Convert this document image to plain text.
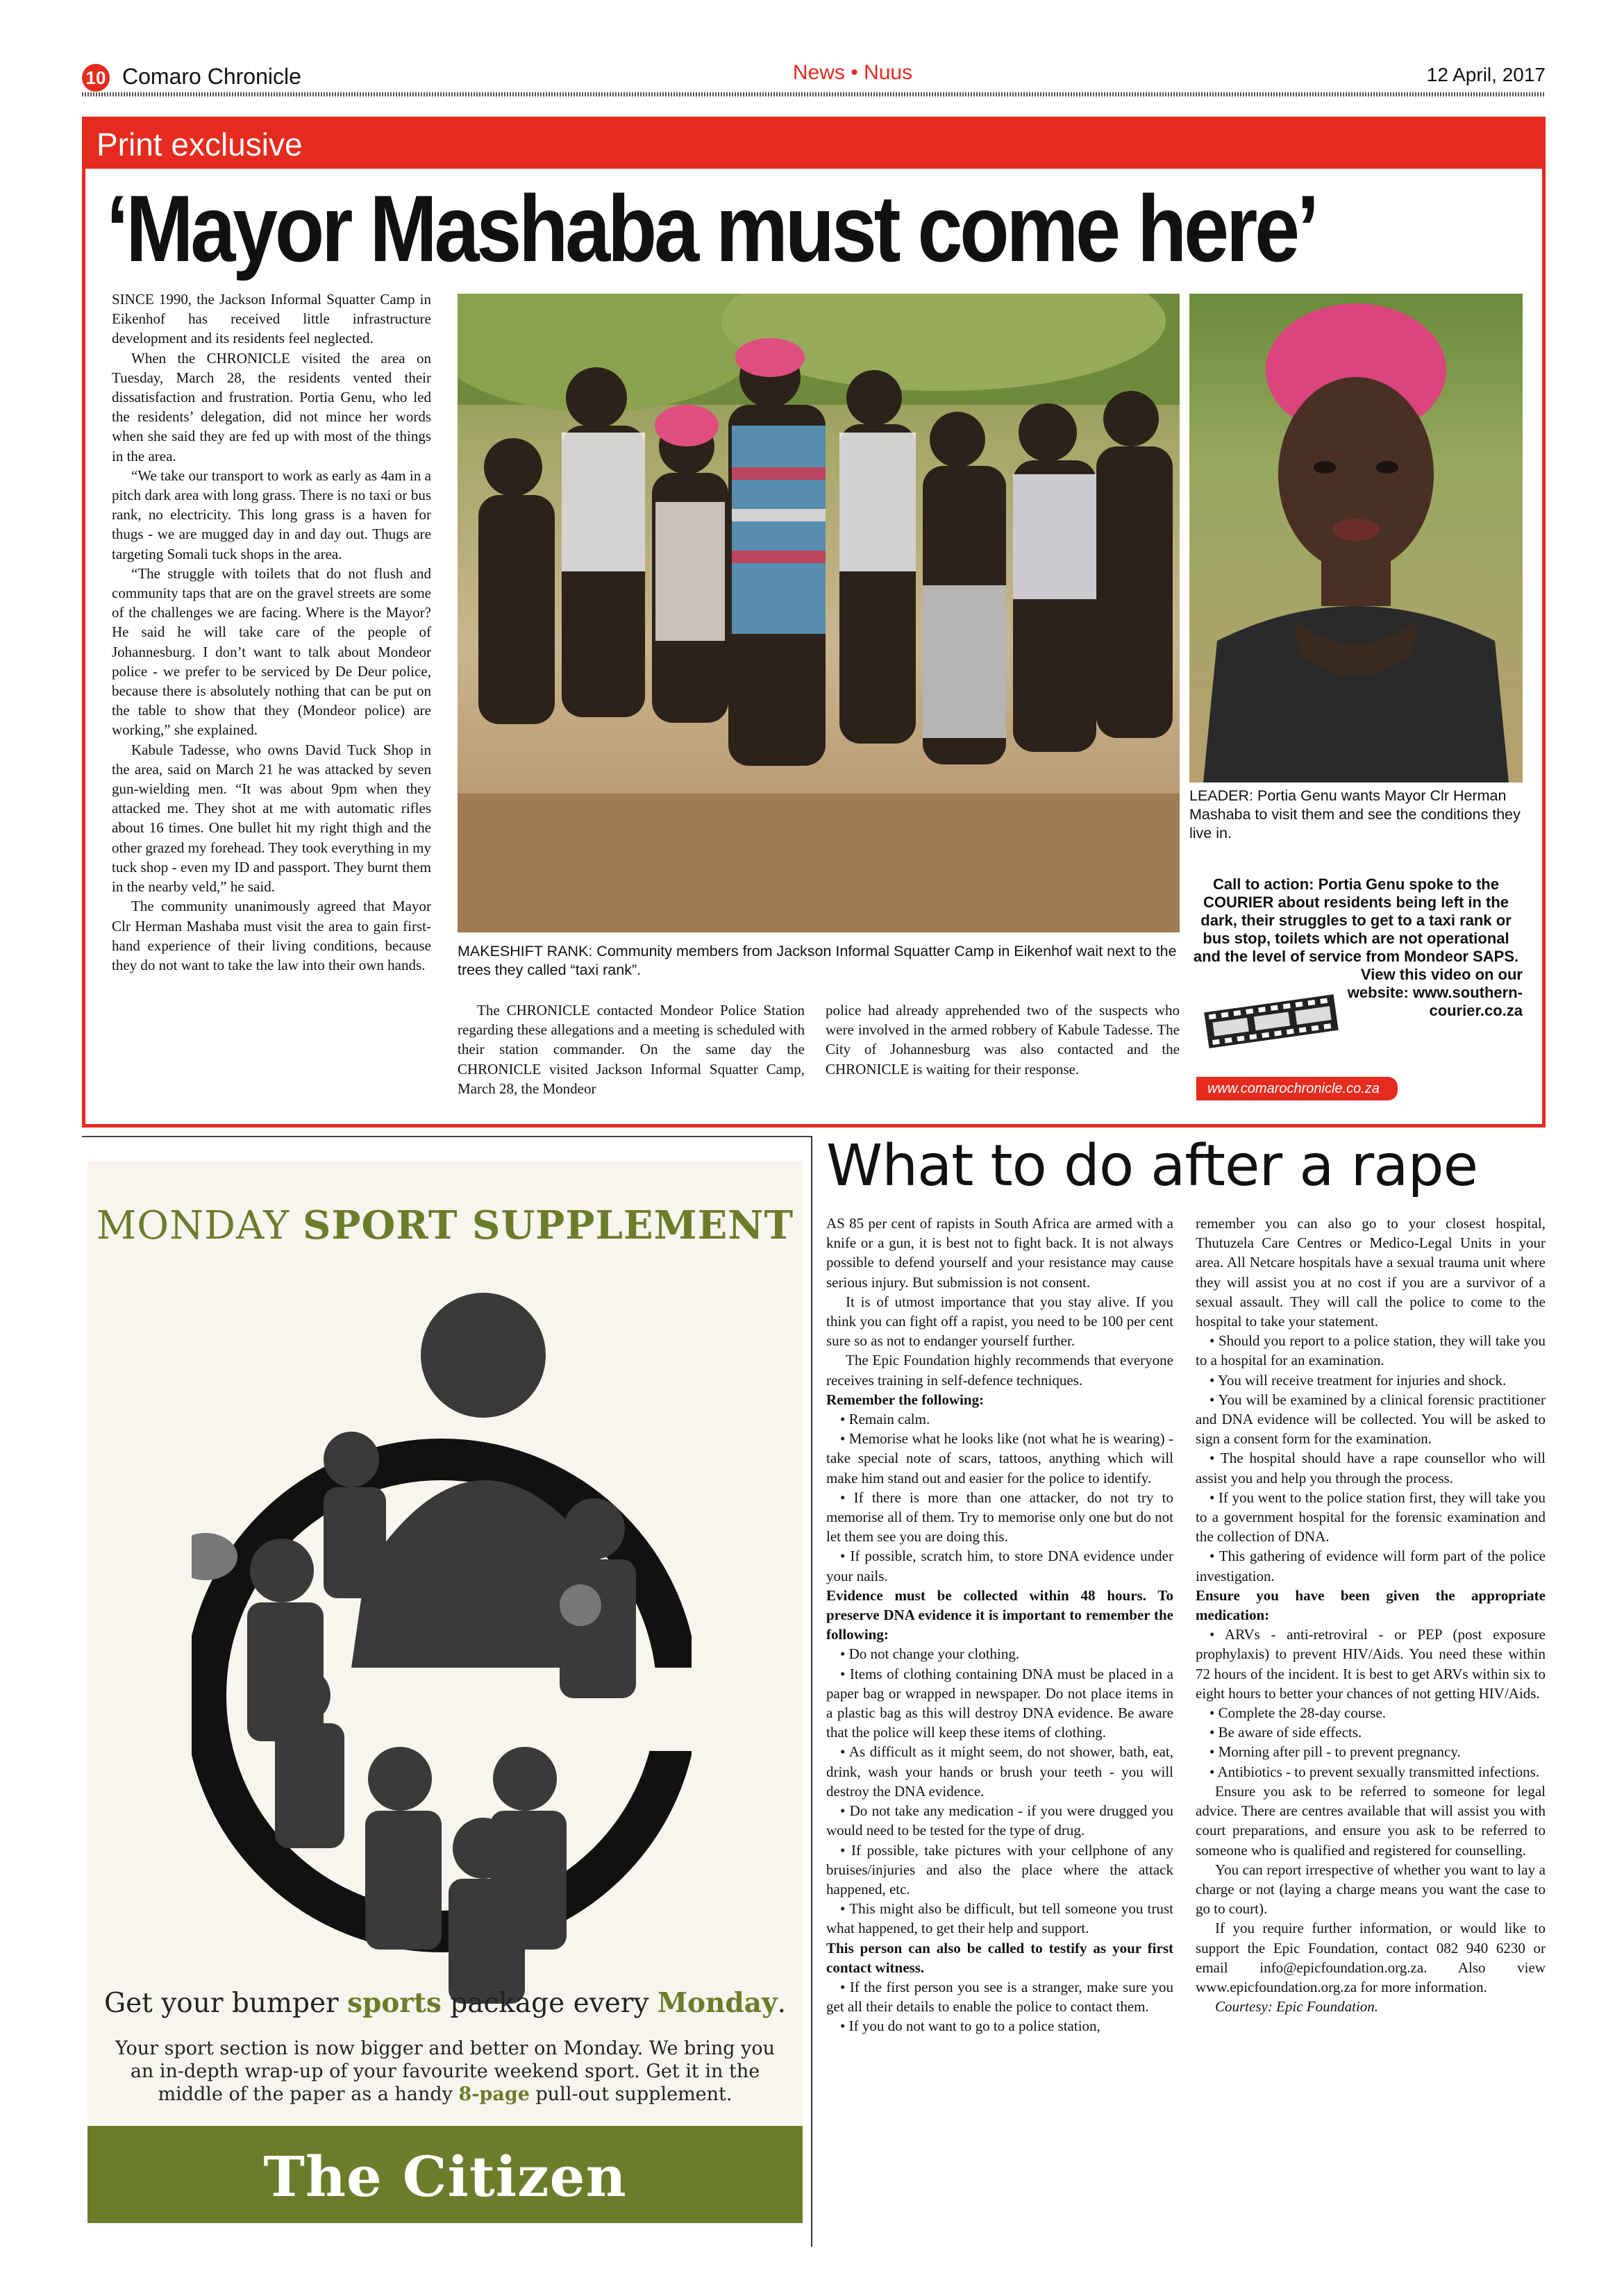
10 Comaro Chronicle	News • Nuus	12 April, 2017
Print exclusive
‘Mayor Mashaba must come here’

SINCE 1990, the Jackson Informal Squatter Camp in Eikenhof has received little infrastructure development and its residents feel neglected.

When the CHRONICLE visited the area on Tuesday, March 28, the residents vented their dissatisfaction and frustration. Portia Genu, who led the residents’ delegation, did not mince her words when she said they are fed up with most of the things in the area.

“We take our transport to work as early as 4am in a pitch dark area with long grass. There is no taxi or bus rank, no electricity. This long grass is a haven for thugs - we are mugged day in and day out. Thugs are targeting Somali tuck shops in the area.

“The struggle with toilets that do not flush and community taps that are on the gravel streets are some of the challenges we are facing. Where is the Mayor? He said he will take care of the people of Johannesburg. I don’t want to talk about Mondeor police - we prefer to be serviced by De Deur police, because there is absolutely nothing that can be put on the table to show that they (Mondeor police) are working,” she explained.

Kabule Tadesse, who owns David Tuck Shop in the area, said on March 21 he was attacked by seven gun-wielding men. “It was about 9pm when they attacked me. They shot at me with automatic rifles about 16 times. One bullet hit my right thigh and the other grazed my forehead. They took everything in my tuck shop - even my ID and passport. They burnt them in the nearby veld,” he said.

The community unanimously agreed that Mayor Clr Herman Mashaba must visit the area to gain first-hand experience of their living conditions, because they do not want to take the law into their own hands.

MAKESHIFT RANK: Community members from Jackson Informal Squatter Camp in Eikenhof wait next to the trees they called “taxi rank”.
LEADER: Portia Genu wants Mayor Clr Herman Mashaba to visit them and see the conditions they live in.

The CHRONICLE contacted Mondeor Police Station regarding these allegations and a meeting is scheduled with their station commander. On the same day the CHRONICLE visited Jackson Informal Squatter Camp, March 28, the Mondeor

police had already apprehended two of the suspects who were involved in the armed robbery of Kabule Tadesse. The City of Johannesburg was also contacted and the CHRONICLE is waiting for their response.

Call to action: Portia Genu spoke to the COURIER about residents being left in the dark, their struggles to get to a taxi rank or bus stop, toilets which are not operational and the level of service from Mondeor SAPS.
View this video on our website: www.southern-courier.co.za
www.comarochronicle.co.za
MONDAY SPORT SUPPLEMENT
Get your bumper sports package every Monday.
Your sport section is now bigger and better on Monday. We bring you an in-depth wrap-up of your favourite weekend sport. Get it in the middle of the paper as a handy 8-page pull-out supplement.
The Citizen
What to do after a rape

AS 85 per cent of rapists in South Africa are armed with a knife or a gun, it is best not to fight back. It is not always possible to defend yourself and your resistance may cause serious injury. But submission is not consent.

It is of utmost importance that you stay alive. If you think you can fight off a rapist, you need to be 100 per cent sure so as not to endanger yourself further.

The Epic Foundation highly recommends that everyone receives training in self-defence techniques.

Remember the following:

• Remain calm.

• Memorise what he looks like (not what he is wearing) - take special note of scars, tattoos, anything which will make him stand out and easier for the police to identify.

• If there is more than one attacker, do not try to memorise all of them. Try to memorise only one but do not let them see you are doing this.

• If possible, scratch him, to store DNA evidence under your nails.

Evidence must be collected within 48 hours. To preserve DNA evidence it is important to remember the following:

• Do not change your clothing.

• Items of clothing containing DNA must be placed in a paper bag or wrapped in newspaper. Do not place items in a plastic bag as this will destroy DNA evidence. Be aware that the police will keep these items of clothing.

• As difficult as it might seem, do not shower, bath, eat, drink, wash your hands or brush your teeth - you will destroy the DNA evidence.

• Do not take any medication - if you were drugged you would need to be tested for the type of drug.

• If possible, take pictures with your cellphone of any bruises/injuries and also the place where the attack happened, etc.

• This might also be difficult, but tell someone you trust what happened, to get their help and support.

This person can also be called to testify as your first contact witness.

• If the first person you see is a stranger, make sure you get all their details to enable the police to contact them.

• If you do not want to go to a police station,

remember you can also go to your closest hospital, Thutuzela Care Centres or Medico-Legal Units in your area. All Netcare hospitals have a sexual trauma unit where they will assist you at no cost if you are a survivor of a sexual assault. They will call the police to come to the hospital to take your statement.

• Should you report to a police station, they will take you to a hospital for an examination.

• You will receive treatment for injuries and shock.

• You will be examined by a clinical forensic practitioner and DNA evidence will be collected. You will be asked to sign a consent form for the examination.

• The hospital should have a rape counsellor who will assist you and help you through the process.

• If you went to the police station first, they will take you to a government hospital for the forensic examination and the collection of DNA.

• This gathering of evidence will form part of the police investigation.

Ensure you have been given the appropriate medication:

• ARVs - anti-retroviral - or PEP (post exposure prophylaxis) to prevent HIV/Aids. You need these within 72 hours of the incident. It is best to get ARVs within six to eight hours to better your chances of not getting HIV/Aids.

• Complete the 28-day course.

• Be aware of side effects.

• Morning after pill - to prevent pregnancy.

• Antibiotics - to prevent sexually transmitted infections.

Ensure you ask to be referred to someone for legal advice. There are centres available that will assist you with court preparations, and ensure you ask to be referred to someone who is qualified and registered for counselling.

You can report irrespective of whether you want to lay a charge or not (laying a charge means you want the case to go to court).

If you require further information, or would like to support the Epic Foundation, contact 082 940 6230 or email info@epicfoundation.org.za. Also view www.epicfoundation.org.za for more information.

Courtesy: Epic Foundation.
